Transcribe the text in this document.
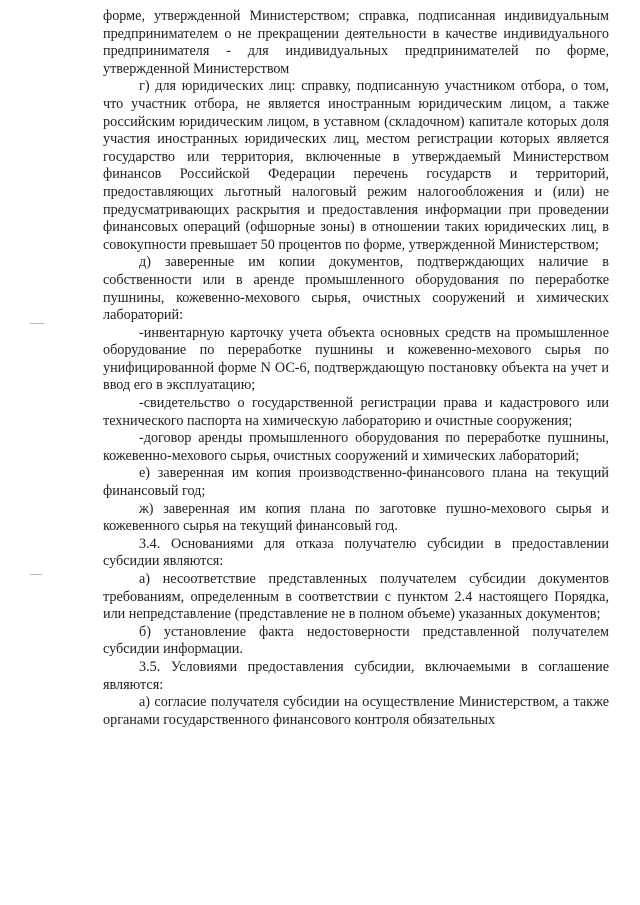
форме, утвержденной Министерством; справка, подписанная индивидуальным предпринимателем о не прекращении деятельности в качестве индивидуального предпринимателя - для индивидуальных предпринимателей по форме, утвержденной Министерством

г) для юридических лиц: справку, подписанную участником отбора, о том, что участник отбора, не является иностранным юридическим лицом, а также российским юридическим лицом, в уставном (складочном) капитале которых доля участия иностранных юридических лиц, местом регистрации которых является государство или территория, включенные в утверждаемый Министерством финансов Российской Федерации перечень государств и территорий, предоставляющих льготный налоговый режим налогообложения и (или) не предусматривающих раскрытия и предоставления информации при проведении финансовых операций (офшорные зоны) в отношении таких юридических лиц, в совокупности превышает 50 процентов по форме, утвержденной Министерством;

д) заверенные им копии документов, подтверждающих наличие в собственности или в аренде промышленного оборудования по переработке пушнины, кожевенно-мехового сырья, очистных сооружений и химических лабораторий:

-инвентарную карточку учета объекта основных средств на промышленное оборудование по переработке пушнины и кожевенно-мехового сырья по унифицированной форме N ОС-6, подтверждающую постановку объекта на учет и ввод его в эксплуатацию;

-свидетельство о государственной регистрации права и кадастрового или технического паспорта на химическую лабораторию и очистные сооружения;

-договор аренды промышленного оборудования по переработке пушнины, кожевенно-мехового сырья, очистных сооружений и химических лабораторий;

е) заверенная им копия производственно-финансового плана на текущий финансовый год;

ж) заверенная им копия плана по заготовке пушно-мехового сырья и кожевенного сырья на текущий финансовый год.

3.4. Основаниями для отказа получателю субсидии в предоставлении субсидии являются:

а) несоответствие представленных получателем субсидии документов требованиям, определенным в соответствии с пунктом 2.4 настоящего Порядка, или непредставление (представление не в полном объеме) указанных документов;

б) установление факта недостоверности представленной получателем субсидии информации.

3.5. Условиями предоставления субсидии, включаемыми в соглашение являются:

а) согласие получателя субсидии на осуществление Министерством, а также органами государственного финансового контроля обязательных
